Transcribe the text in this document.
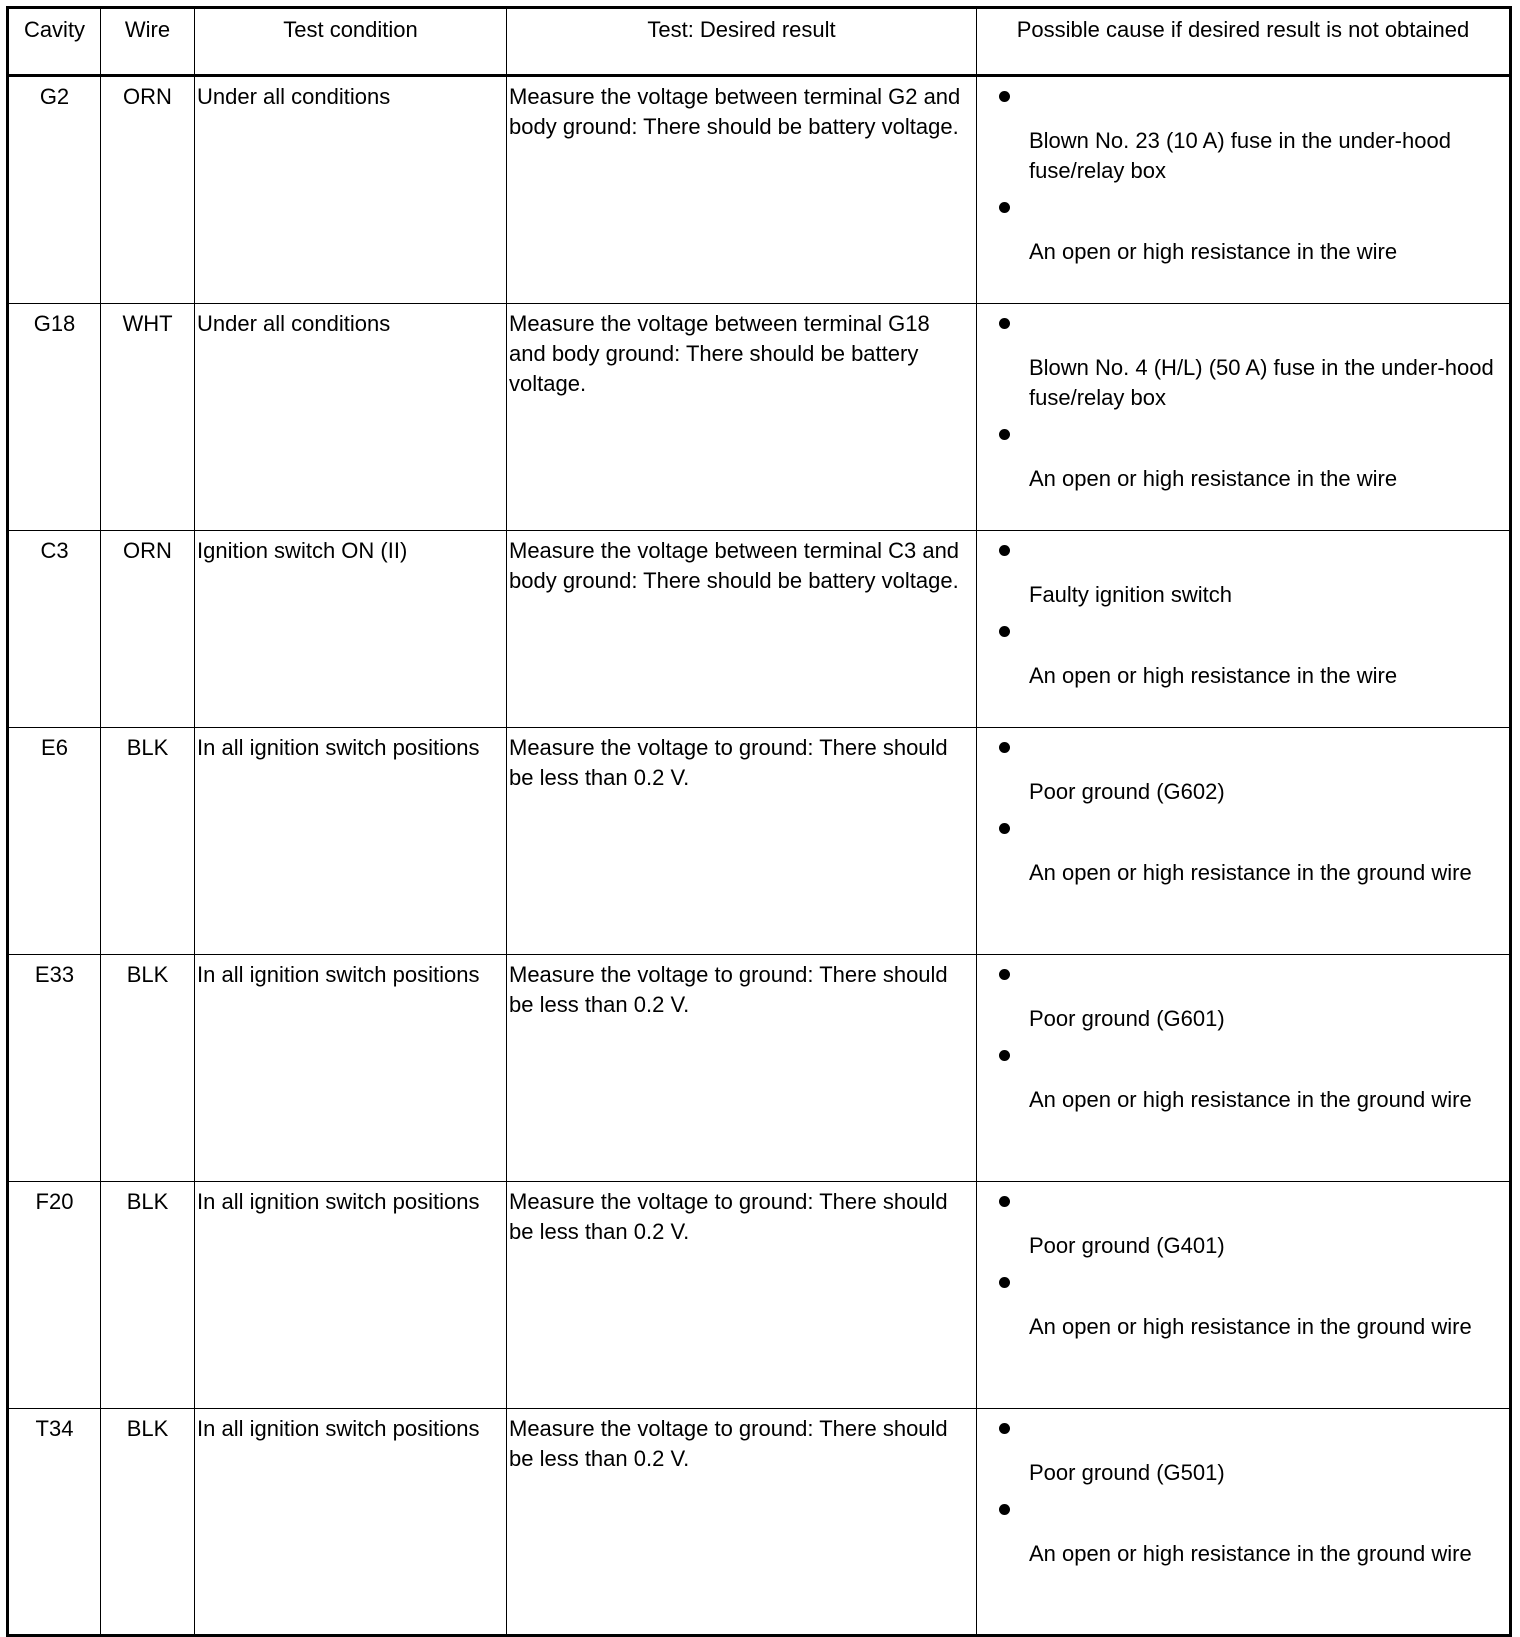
Cavity	Wire	Test condition	Test: Desired result	Possible cause if desired result is not obtained
G2	ORN	Under all conditions	Measure the voltage between terminal G2 and body ground: There should be battery voltage.	Blown No. 23 (10 A) fuse in the under-hood fuse/relay box
An open or high resistance in the wire

G18	WHT	Under all conditions	Measure the voltage between terminal G18 and body ground: There should be battery voltage.	Blown No. 4 (H/L) (50 A) fuse in the under-hood fuse/relay box
An open or high resistance in the wire

C3	ORN	Ignition switch ON (II)	Measure the voltage between terminal C3 and body ground: There should be battery voltage.	Faulty ignition switch
An open or high resistance in the wire

E6	BLK	In all ignition switch positions	Measure the voltage to ground: There should be less than 0.2 V.	Poor ground (G602)
An open or high resistance in the ground wire

E33	BLK	In all ignition switch positions	Measure the voltage to ground: There should be less than 0.2 V.	Poor ground (G601)
An open or high resistance in the ground wire

F20	BLK	In all ignition switch positions	Measure the voltage to ground: There should be less than 0.2 V.	Poor ground (G401)
An open or high resistance in the ground wire

T34	BLK	In all ignition switch positions	Measure the voltage to ground: There should be less than 0.2 V.	Poor ground (G501)
An open or high resistance in the ground wire
